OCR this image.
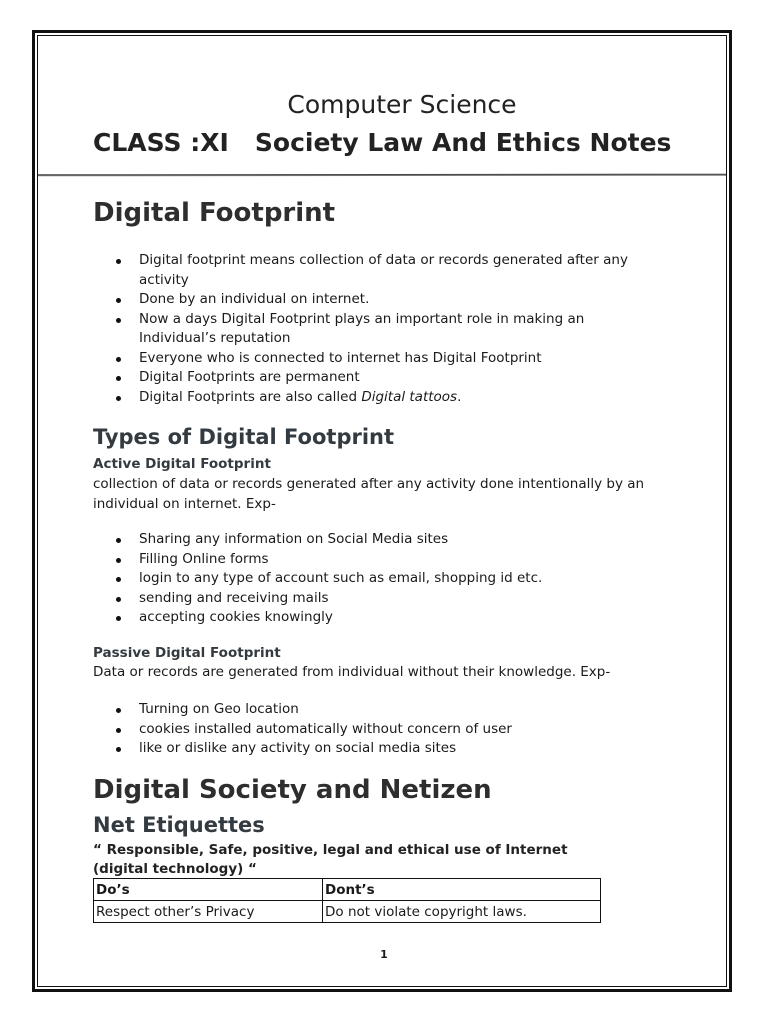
Computer Science
CLASS :XI   Society Law And Ethics Notes
Digital Footprint
Digital footprint means collection of data or records generated after any activity
Done by an individual on internet.
Now a days Digital Footprint plays an important role in making an Individual’s reputation
Everyone who is connected to internet has Digital Footprint
Digital Footprints are permanent
Digital Footprints are also called Digital tattoos.
Types of Digital Footprint
Active Digital Footprint

collection of data or records generated after any activity done intentionally by an individual on internet. Exp-

Sharing any information on Social Media sites
Filling Online forms
login to any type of account such as email, shopping id etc.
sending and receiving mails
accepting cookies knowingly
Passive Digital Footprint

Data or records are generated from individual without their knowledge. Exp-

Turning on Geo location
cookies installed automatically without concern of user
like or dislike any activity on social media sites
Digital Society and Netizen
Net Etiquettes

“ Responsible, Safe, positive, legal and ethical use of Internet (digital technology) “

Do’s	Dont’s
Respect other’s Privacy	Do not violate copyright laws.
1
